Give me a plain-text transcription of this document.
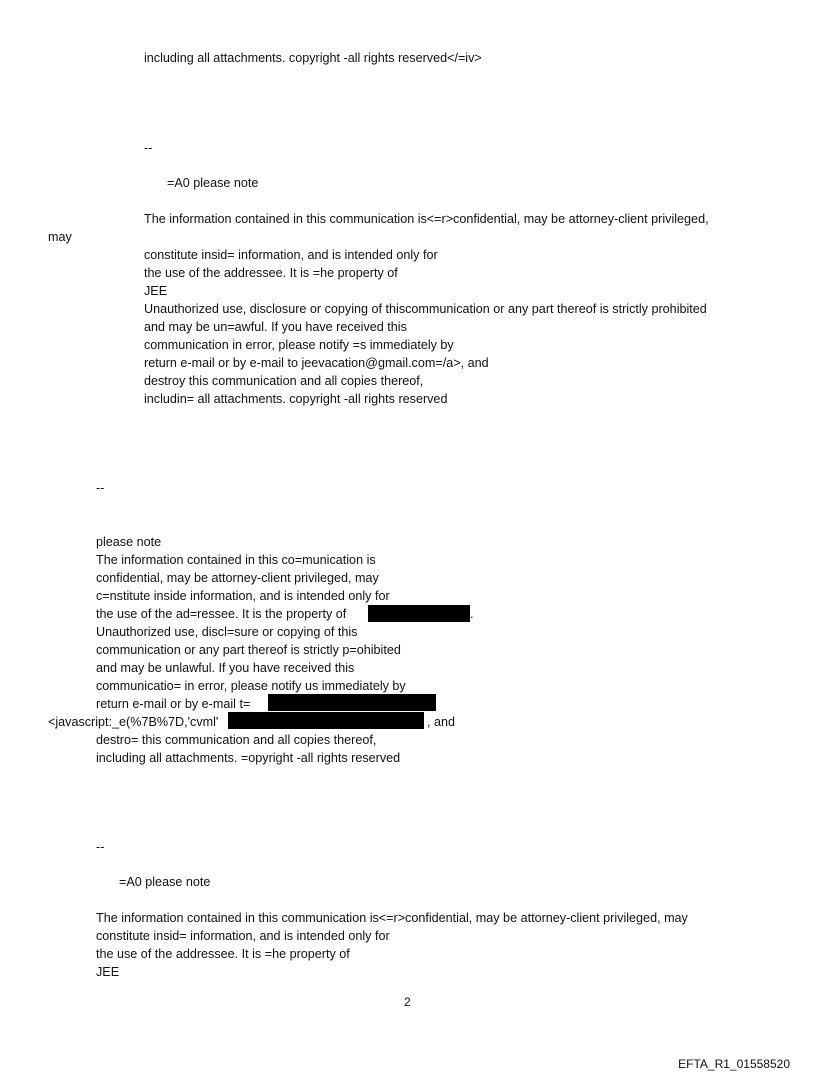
including all attachments. copyright -all rights reserved</=iv>
--
=A0 please note
The information contained in this communication is<=r>confidential, may be attorney-client privileged,
may
constitute insid= information, and is intended only for
the use of the addressee. It is =he property of
JEE
Unauthorized use, disclosure or copying of thiscommunication or any part thereof is strictly prohibited
and may be un=awful. If you have received this
communication in error, please notify =s immediately by
return e-mail or by e-mail to jeevacation@gmail.com=/a>, and
destroy this communication and all copies thereof,
includin= all attachments. copyright -all rights reserved
--
please note
The information contained in this co=munication is
confidential, may be attorney-client privileged, may
c=nstitute inside information, and is intended only for
the use of the ad=ressee. It is the property of	.
Unauthorized use, discl=sure or copying of this
communication or any part thereof is strictly p=ohibited
and may be unlawful. If you have received this
communicatio= in error, please notify us immediately by
return e-mail or by e-mail t=
<javascript:_e(%7B%7D,'cvml'	, and
destro= this communication and all copies thereof,
including all attachments. =opyright -all rights reserved
--
=A0 please note
The information contained in this communication is<=r>confidential, may be attorney-client privileged, may
constitute insid= information, and is intended only for
the use of the addressee. It is =he property of
JEE
2
EFTA_R1_01558520
